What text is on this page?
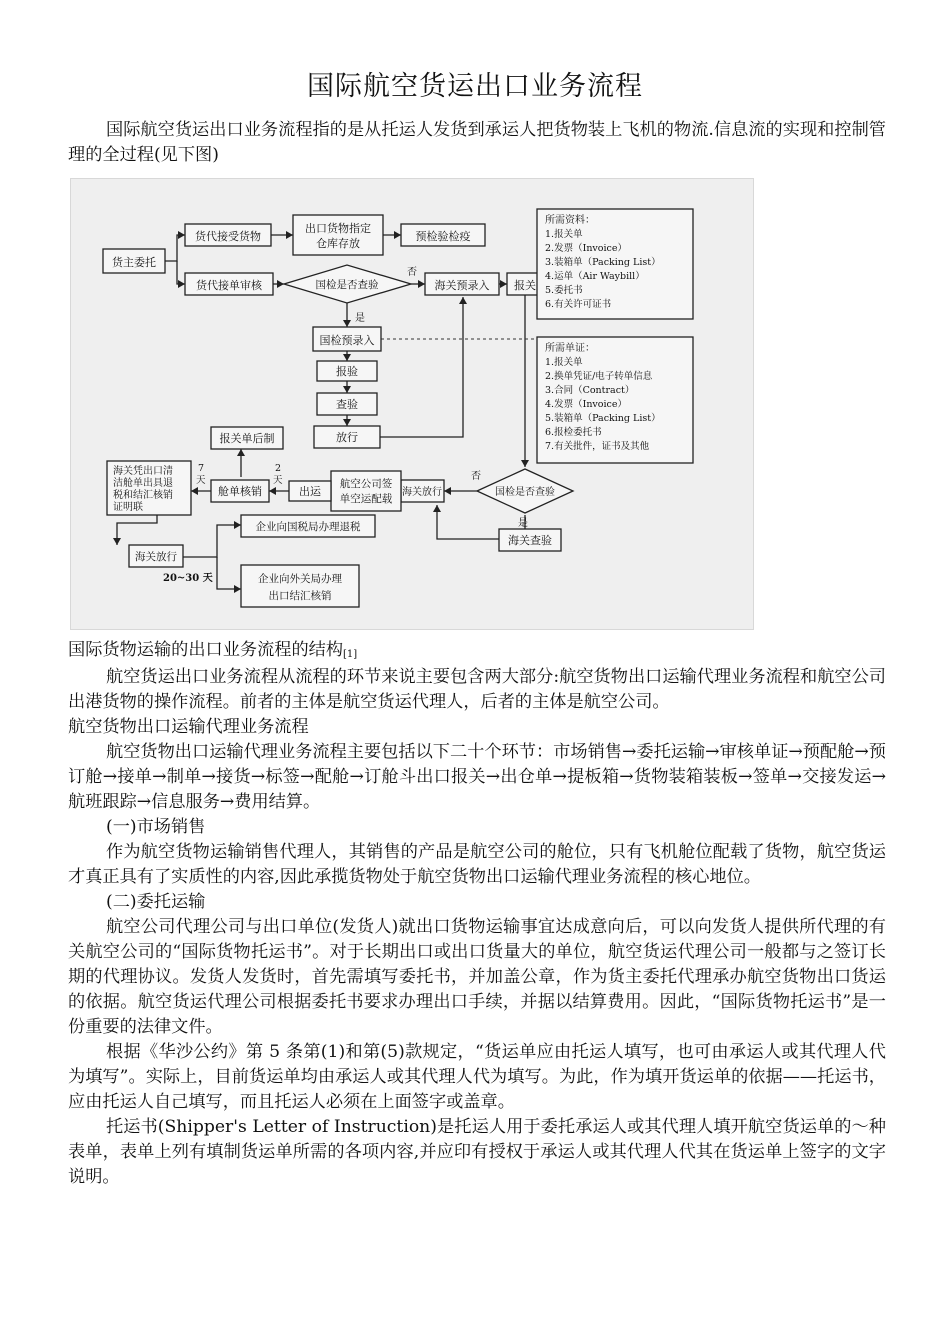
国际航空货运出口业务流程

国际航空货运出口业务流程指的是从托运人发货到承运人把货物装上飞机的物流.信息流的实现和控制管理的全过程(见下图)

货主委托
货代接受货物
出口货物指定
仓库存放
预检验检疫
货代接单审核	国检是否查验
否
海关预录入 报关
是
国检预录入
报验
查验
放行
报关单后制
海关放行	国检是否查验
否
是
海关查验
航空公司签
单空运配载
出运
舱单核销
2
天
7
天
海关凭出口清
洁舱单出具退
税和结汇核销
证明联
海关放行
企业向国税局办理退税
企业向外关局办理
出口结汇核销
20~30 天
所需资料：
1.报关单
2.发票（Invoice）
3.装箱单（Packing List）
4.运单（Air Waybill）
5.委托书
6.有关许可证书
所需单证：
1.报关单
2.换单凭证/电子转单信息
3.合同（Contract）
4.发票（Invoice）
5.装箱单（Packing List）
6.报检委托书
7.有关批件，证书及其他

国际货物运输的出口业务流程的结构[1]

航空货运出口业务流程从流程的环节来说主要包含两大部分:航空货物出口运输代理业务流程和航空公司出港货物的操作流程。前者的主体是航空货运代理人，后者的主体是航空公司。

航空货物出口运输代理业务流程

航空货物出口运输代理业务流程主要包括以下二十个环节：市场销售→委托运输→审核单证→预配舱→预订舱→接单→制单→接货→标签→配舱→订舱斗出口报关→出仓单→提板箱→货物装箱装板→签单→交接发运→航班跟踪→信息服务→费用结算。

(一)市场销售

作为航空货物运输销售代理人，其销售的产品是航空公司的舱位，只有飞机舱位配载了货物，航空货运才真正具有了实质性的内容,因此承揽货物处于航空货物出口运输代理业务流程的核心地位。

(二)委托运输

航空公司代理公司与出口单位(发货人)就出口货物运输事宜达成意向后，可以向发货人提供所代理的有关航空公司的“国际货物托运书”。对于长期出口或出口货量大的单位，航空货运代理公司一般都与之签订长期的代理协议。发货人发货时，首先需填写委托书，并加盖公章，作为货主委托代理承办航空货物出口货运的依据。航空货运代理公司根据委托书要求办理出口手续，并据以结算费用。因此，“国际货物托运书”是一份重要的法律文件。

根据《华沙公约》第 5 条第(1)和第(5)款规定，“货运单应由托运人填写，也可由承运人或其代理人代为填写”。实际上，目前货运单均由承运人或其代理人代为填写。为此，作为填开货运单的依据——托运书，应由托运人自己填写，而且托运人必须在上面签字或盖章。

托运书(Shipper's Letter of Instruction)是托运人用于委托承运人或其代理人填开航空货运单的～种表单，表单上列有填制货运单所需的各项内容,并应印有授权于承运人或其代理人代其在货运单上签字的文字说明。
